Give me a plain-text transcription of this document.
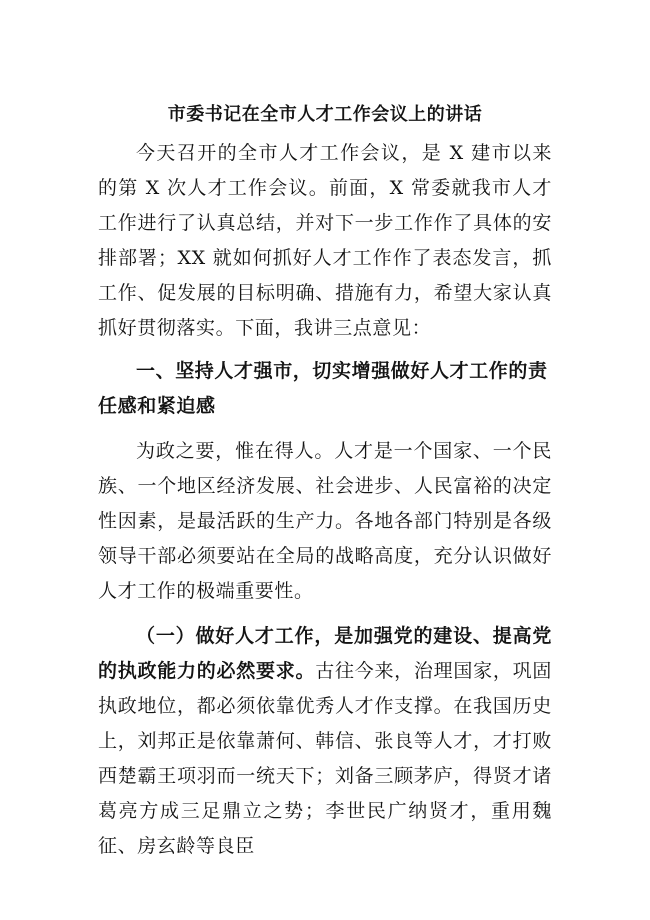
市委书记在全市人才工作会议上的讲话

今天召开的全市人才工作会议，是 X 建市以来的第 X 次人才工作会议。前面，X 常委就我市人才工作进行了认真总结，并对下一步工作作了具体的安排部署；XX 就如何抓好人才工作作了表态发言，抓工作、促发展的目标明确、措施有力，希望大家认真抓好贯彻落实。下面，我讲三点意见：

一、坚持人才强市，切实增强做好人才工作的责任感和紧迫感

为政之要，惟在得人。人才是一个国家、一个民族、一个地区经济发展、社会进步、人民富裕的决定性因素，是最活跃的生产力。各地各部门特别是各级领导干部必须要站在全局的战略高度，充分认识做好人才工作的极端重要性。

（一）做好人才工作，是加强党的建设、提高党的执政能力的必然要求。古往今来，治理国家，巩固执政地位，都必须依靠优秀人才作支撑。在我国历史上，刘邦正是依靠萧何、韩信、张良等人才，才打败西楚霸王项羽而一统天下；刘备三顾茅庐，得贤才诸葛亮方成三足鼎立之势；李世民广纳贤才，重用魏征、房玄龄等良臣
